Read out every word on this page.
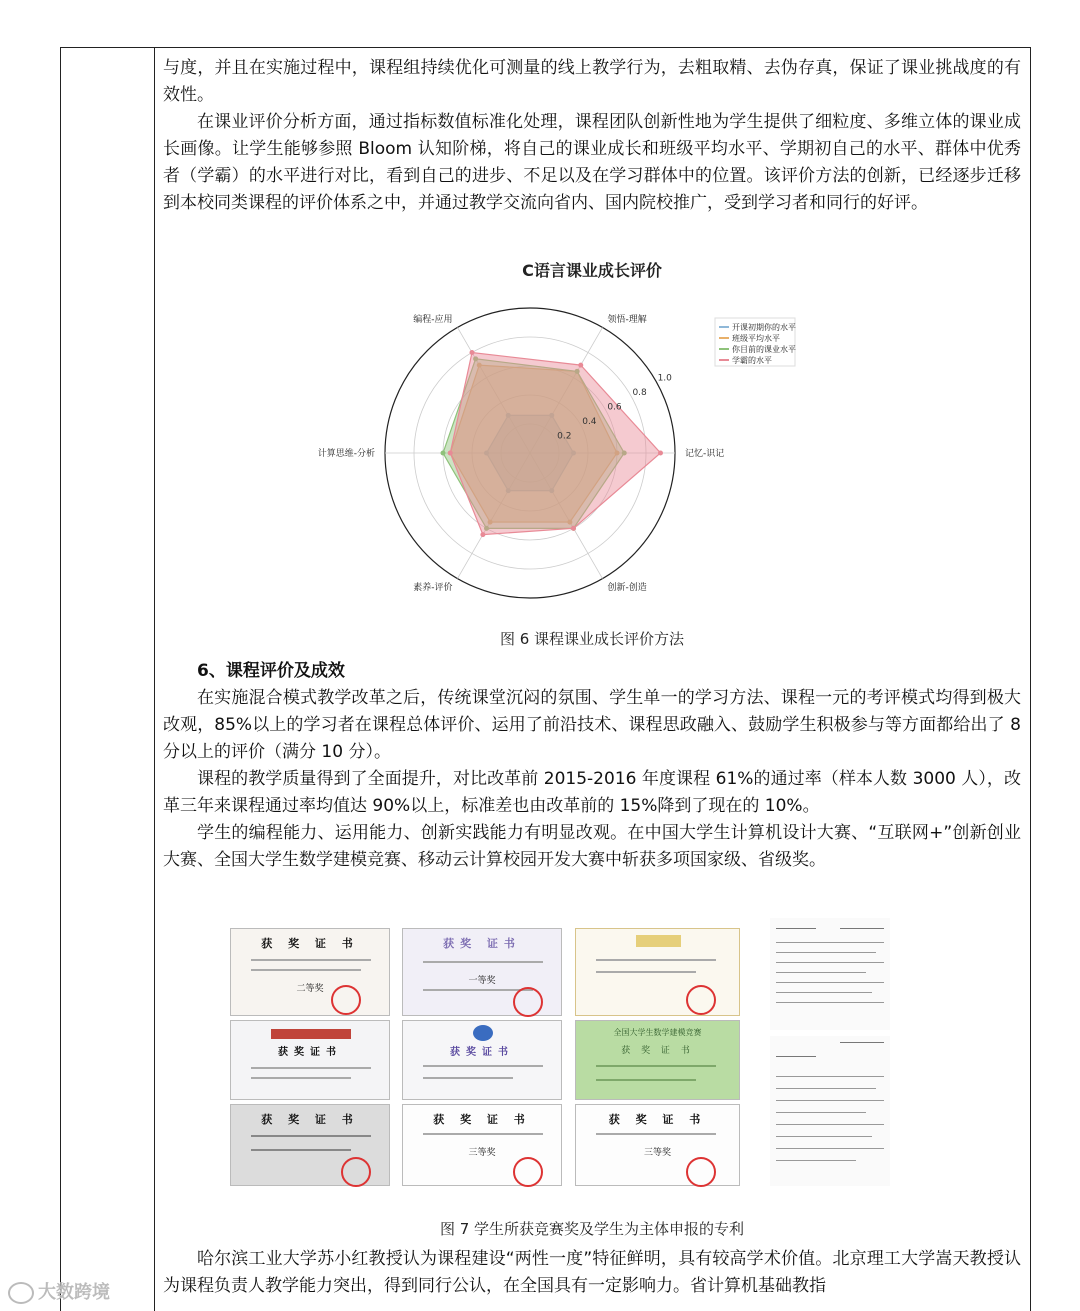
与度，并且在实施过程中，课程组持续优化可测量的线上教学行为，去粗取精、去伪存真，保证了课业挑战度的有效性。

在课业评价分析方面，通过指标数值标准化处理，课程团队创新性地为学生提供了细粒度、多维立体的课业成长画像。让学生能够参照 Bloom 认知阶梯，将自己的课业成长和班级平均水平、学期初自己的水平、群体中优秀者（学霸）的水平进行对比，看到自己的进步、不足以及在学习群体中的位置。该评价方法的创新，已经逐步迁移到本校同类课程的评价体系之中，并通过教学交流向省内、国内院校推广，受到学习者和同行的好评。

C语言课业成长评价
0.2
0.4
0.6
0.8
1.0
领悟-理解
记忆-识记
创新-创造
素养-评价
计算思维-分析
编程-应用
开课初期你的水平
班级平均水平
你目前的课业水平
学霸的水平
图 6 课程课业成长评价方法

6、课程评价及成效

在实施混合模式教学改革之后，传统课堂沉闷的氛围、学生单一的学习方法、课程一元的考评模式均得到极大改观，85%以上的学习者在课程总体评价、运用了前沿技术、课程思政融入、鼓励学生积极参与等方面都给出了 8 分以上的评价（满分 10 分）。

课程的教学质量得到了全面提升，对比改革前 2015-2016 年度课程 61%的通过率（样本人数 3000 人），改革三年来课程通过率均值达 90%以上，标准差也由改革前的 15%降到了现在的 10%。

学生的编程能力、运用能力、创新实践能力有明显改观。在中国大学生计算机设计大赛、“互联网+”创新创业大赛、全国大学生数学建模竞赛、移动云计算校园开发大赛中斩获多项国家级、省级奖。

获 奖 证 书
二等奖
获奖 证书
一等奖
获奖证书	获奖证书
全国大学生数学建模竞赛
获 奖 证 书
获 奖 证 书	获 奖 证 书
三等奖
获 奖 证 书
三等奖
图 7 学生所获竞赛奖及学生为主体申报的专利

哈尔滨工业大学苏小红教授认为课程建设“两性一度”特征鲜明，具有较高学术价值。北京理工大学嵩天教授认为课程负责人教学能力突出，得到同行公认，在全国具有一定影响力。省计算机基础教指

大数跨境
